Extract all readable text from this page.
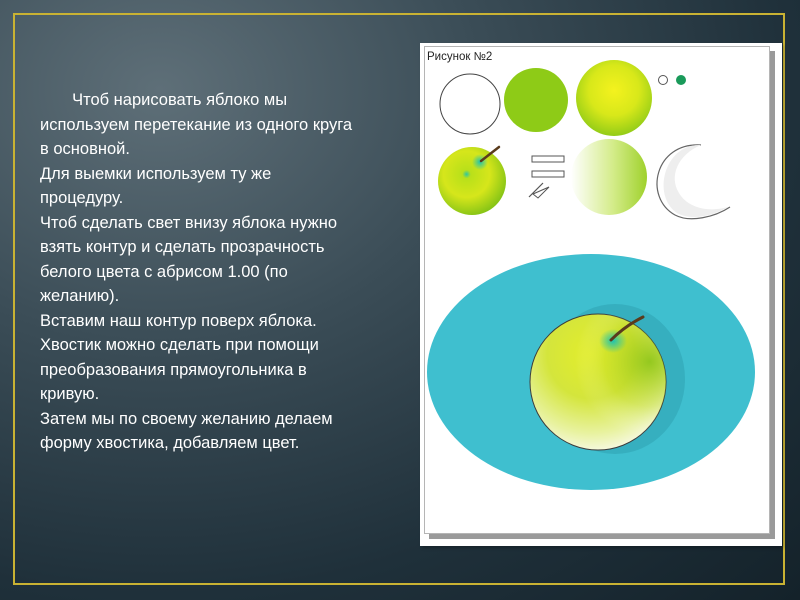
Чтоб нарисовать яблоко мы используем перетекание из одного круга в основной.
Для выемки используем ту же процедуру.
Чтоб сделать свет внизу яблока нужно взять контур и сделать прозрачность белого цвета с абрисом 1.00 (по желанию).
Вставим наш контур поверх яблока.
Хвостик можно сделать при помощи преобразования прямоугольника в кривую.
Затем мы по своему желанию делаем форму хвостика, добавляем цвет.
Рисунок №2
